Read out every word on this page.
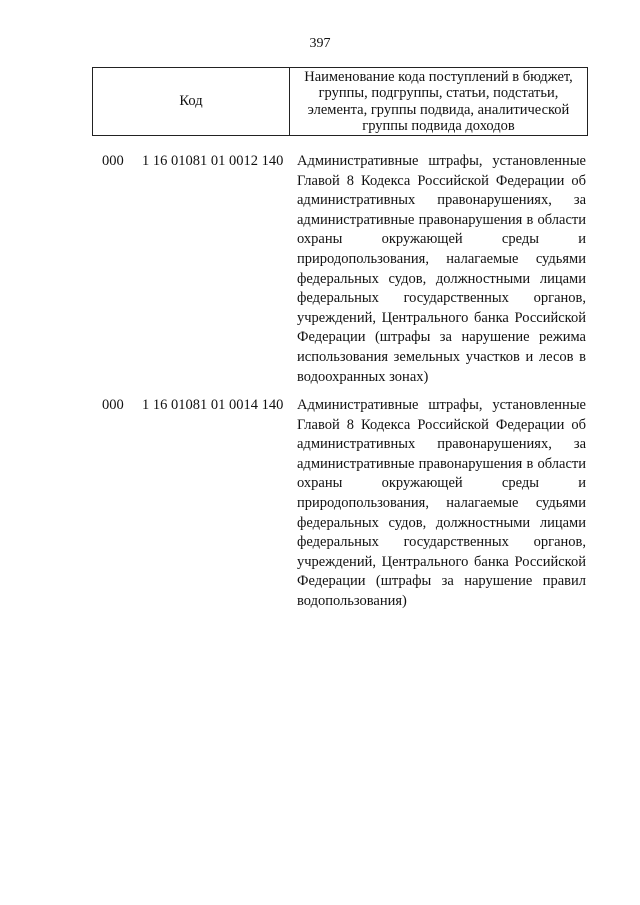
397
Код
Наименование кода поступлений в бюджет,
группы, подгруппы, статьи, подстатьи,
элемента, группы подвида, аналитической
группы подвида доходов
000 1 16 01081 01 0012 140 Административные штрафы, установленные
Главой 8 Кодекса Российской Федерации об
административных правонарушениях, за
административные правонарушения в области
охраны окружающей среды и
природопользования, налагаемые судьями
федеральных судов, должностными лицами
федеральных государственных органов,
учреждений, Центрального банка Российской
Федерации (штрафы за нарушение режима
использования земельных участков и лесов в
водоохранных зонах)
000 1 16 01081 01 0014 140 Административные штрафы, установленные
Главой 8 Кодекса Российской Федерации об
административных правонарушениях, за
административные правонарушения в области
охраны окружающей среды и
природопользования, налагаемые судьями
федеральных судов, должностными лицами
федеральных государственных органов,
учреждений, Центрального банка Российской
Федерации (штрафы за нарушение правил
водопользования)
